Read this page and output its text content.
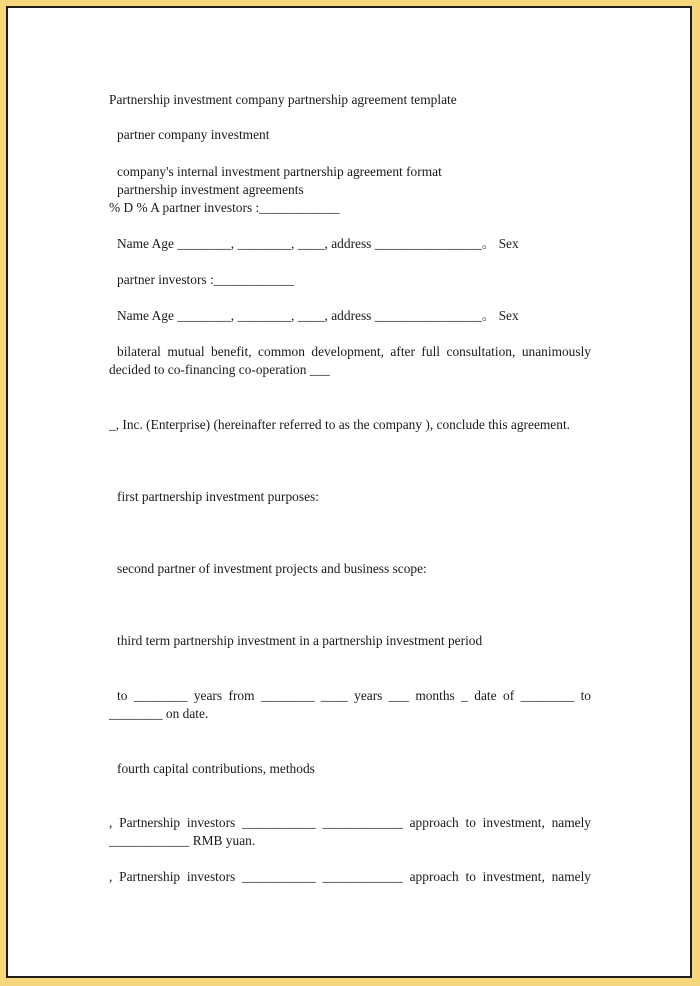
Partnership investment company partnership agreement template
partner company investment
company's internal investment partnership agreement format
partnership investment agreements
% D % A partner investors :____________
Name Age ________, ________, ____, address ________________。 Sex
partner investors :____________
Name Age ________, ________, ____, address ________________。 Sex
bilateral mutual benefit, common development, after full consultation, unanimously
decided to co-financing co-operation ___
_, Inc. (Enterprise) (hereinafter referred to as the company ), conclude this agreement.
first partnership investment purposes:
second partner of investment projects and business scope:
third term partnership investment in a partnership investment period
to ________ years from ________ ____ years ___ months _ date of ________ to
________ on date.
fourth capital contributions, methods
, Partnership investors ___________ ____________ approach to investment, namely
____________ RMB yuan.
, Partnership investors ___________ ____________ approach to investment, namely
